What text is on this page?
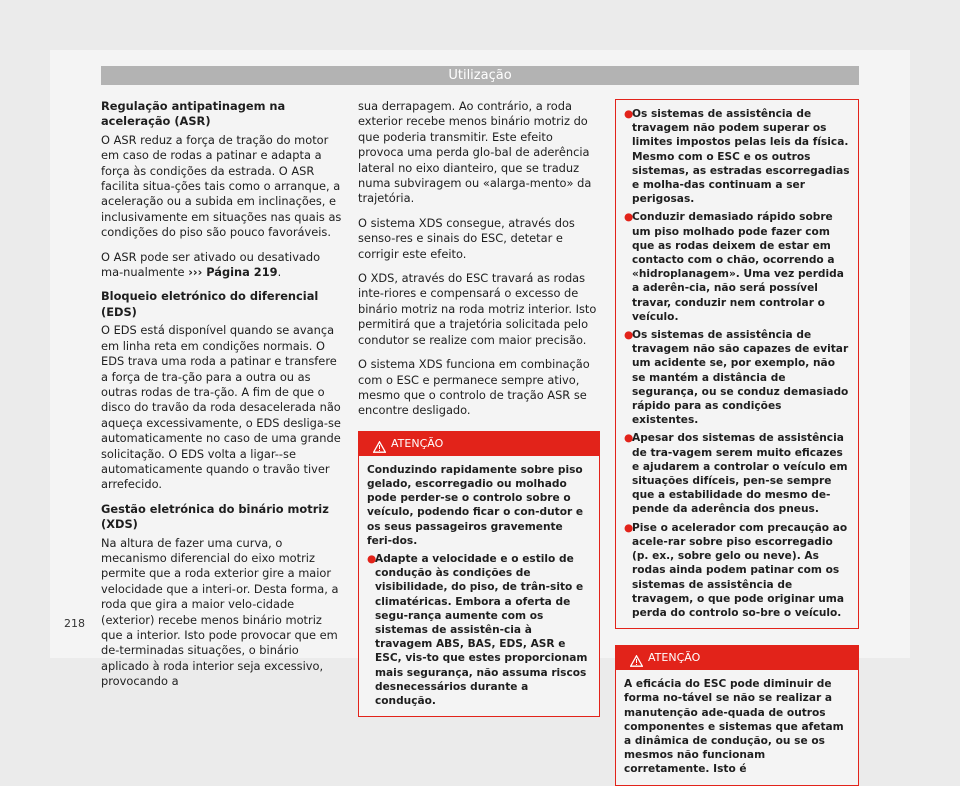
Utilização
Regulação antipatinagem na aceleração (ASR)

O ASR reduz a força de tração do motor em caso de rodas a patinar e adapta a força às condições da estrada. O ASR facilita situa-ções tais como o arranque, a aceleração ou a subida em inclinações, e inclusivamente em situações nas quais as condições do piso são pouco favoráveis.

O ASR pode ser ativado ou desativado ma-nualmente ››› Página 219.

Bloqueio eletrónico do diferencial (EDS)

O EDS está disponível quando se avança em linha reta em condições normais. O EDS trava uma roda a patinar e transfere a força de tra-ção para a outra ou as outras rodas de tra-ção. A fim de que o disco do travão da roda desacelerada não aqueça excessivamente, o EDS desliga-se automaticamente no caso de uma grande solicitação. O EDS volta a ligar--se automaticamente quando o travão tiver arrefecido.

Gestão eletrónica do binário motriz (XDS)

Na altura de fazer uma curva, o mecanismo diferencial do eixo motriz permite que a roda exterior gire a maior velocidade que a interi-or. Desta forma, a roda que gira a maior velo-cidade (exterior) recebe menos binário motriz que a interior. Isto pode provocar que em de-terminadas situações, o binário aplicado à roda interior seja excessivo, provocando a

sua derrapagem. Ao contrário, a roda exterior recebe menos binário motriz do que poderia transmitir. Este efeito provoca uma perda glo-bal de aderência lateral no eixo dianteiro, que se traduz numa subviragem ou «alarga-mento» da trajetória.

O sistema XDS consegue, através dos senso-res e sinais do ESC, detetar e corrigir este efeito.

O XDS, através do ESC travará as rodas inte-riores e compensará o excesso de binário motriz na roda motriz interior. Isto permitirá que a trajetória solicitada pelo condutor se realize com maior precisão.

O sistema XDS funciona em combinação com o ESC e permanece sempre ativo, mesmo que o controlo de tração ASR se encontre desligado.

ATENÇÃO
Conduzindo rapidamente sobre piso gelado, escorregadio ou molhado pode perder-se o controlo sobre o veículo, podendo ficar o con-dutor e os seus passageiros gravemente feri-dos.
●
Adapte a velocidade e o estilo de condução às condições de visibilidade, do piso, de trân-sito e climatéricas. Embora a oferta de segu-rança aumente com os sistemas de assistên-cia à travagem ABS, BAS, EDS, ASR e ESC, vis-to que estes proporcionam mais segurança, não assuma riscos desnecessários durante a condução.
●
Os sistemas de assistência de travagem não podem superar os limites impostos pelas leis da física. Mesmo com o ESC e os outros sistemas, as estradas escorregadias e molha-das continuam a ser perigosas.
●
Conduzir demasiado rápido sobre um piso molhado pode fazer com que as rodas deixem de estar em contacto com o chão, ocorrendo a «hidroplanagem». Uma vez perdida a aderên-cia, não será possível travar, conduzir nem controlar o veículo.
●
Os sistemas de assistência de travagem não são capazes de evitar um acidente se, por exemplo, não se mantém a distância de segurança, ou se conduz demasiado rápido para as condições existentes.
●
Apesar dos sistemas de assistência de tra-vagem serem muito eficazes e ajudarem a controlar o veículo em situações difíceis, pen-se sempre que a estabilidade do mesmo de-pende da aderência dos pneus.
●
Pise o acelerador com precaução ao acele-rar sobre piso escorregadio (p. ex., sobre gelo ou neve). As rodas ainda podem patinar com os sistemas de assistência de travagem, o que pode originar uma perda do controlo so-bre o veículo.
ATENÇÃO
A eficácia do ESC pode diminuir de forma no-tável se não se realizar a manutenção ade-quada de outros componentes e sistemas que afetam a dinâmica de condução, ou se os mesmos não funcionam corretamente. Isto é
218
